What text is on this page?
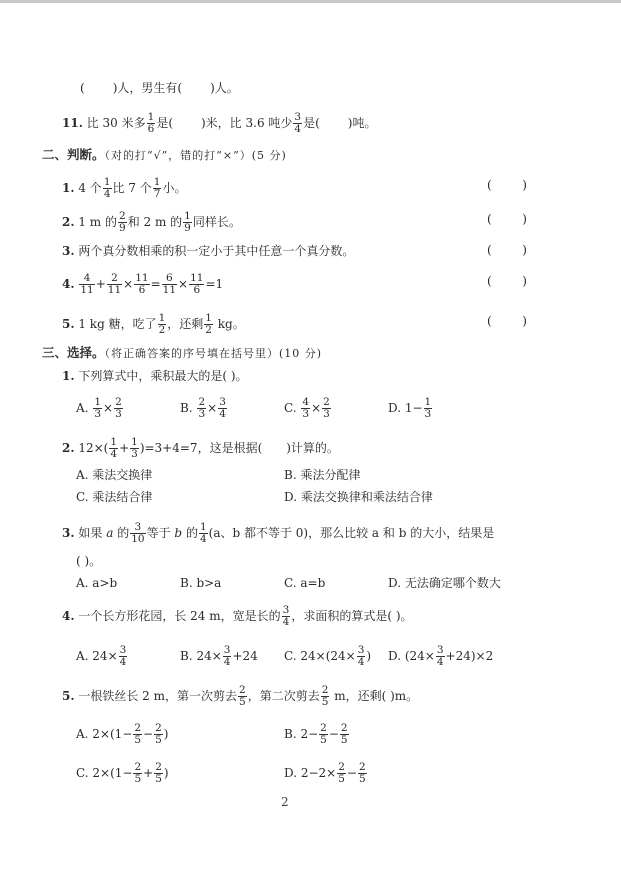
( )人，男生有( )人。
11. 比 30 米多 $\frac{1}{6}$ 是( )米，比 3.6 吨少 $\frac{3}{4}$ 是( )吨。
二、判断。（对的打“√”，错的打“×”）(5 分)
1. 4 个 $\frac{1}{4}$ 比 7 个 $\frac{1}{7}$ 小。	(        )
2. 1 m 的 $\frac{2}{9}$ 和 2 m 的 $\frac{1}{9}$ 同样长。	(        )
3. 两个真分数相乘的积一定小于其中任意一个真分数。	(        )
4. $\frac{4}{11} + \frac{2}{11} \times \frac{11}{6} = \frac{6}{11} \times \frac{11}{6} =1$	(        )
5. 1 kg 糖，吃了 $\frac{1}{2}$ ，还剩 $\frac{1}{2}$ kg。	(        )
三、选择。（将正确答案的序号填在括号里）(10 分)
1. 下列算式中，乘积最大的是( )。
A. $\frac{1}{3} \times \frac{2}{3}$	B. $\frac{2}{3} \times \frac{3}{4}$	C. $\frac{4}{3} \times \frac{2}{3}$	D. $1- \frac{1}{3}$
2. $12\times( \frac{1}{4} + \frac{1}{3} )=3+4=7$，这是根据( )计算的。
A. 乘法交换律	B. 乘法分配律
C. 乘法结合律	D. 乘法交换律和乘法结合律
3. 如果 a 的 $\frac{3}{10}$ 等于 b 的 $\frac{1}{4} (a$、b 都不等于 0)，那么比较 a 和 b 的大小，结果是
( )。
A. a>b	B. b>a	C. a=b	D. 无法确定哪个数大
4. 一个长方形花园，长 24 m，宽是长的 $\frac{3}{4}$ ，求面积的算式是( )。
A. $24\times \frac{3}{4}$	B. $24\times \frac{3}{4} +24$ C. $24\times(24\times \frac{3}{4}$ ) D. $(24\times \frac{3}{4} +24)\times 2$
5. 一根铁丝长 2 m，第一次剪去 $\frac{2}{5}$ ，第二次剪去 $\frac{2}{5}$ m，还剩( )m。
A. $2\times(1- \frac{2}{5} - \frac{2}{5}$ )	B. $2- \frac{2}{5} - \frac{2}{5}$
C. $2\times(1- \frac{2}{5} + \frac{2}{5}$ )	D. $2-2\times \frac{2}{5} - \frac{2}{5}$
2
